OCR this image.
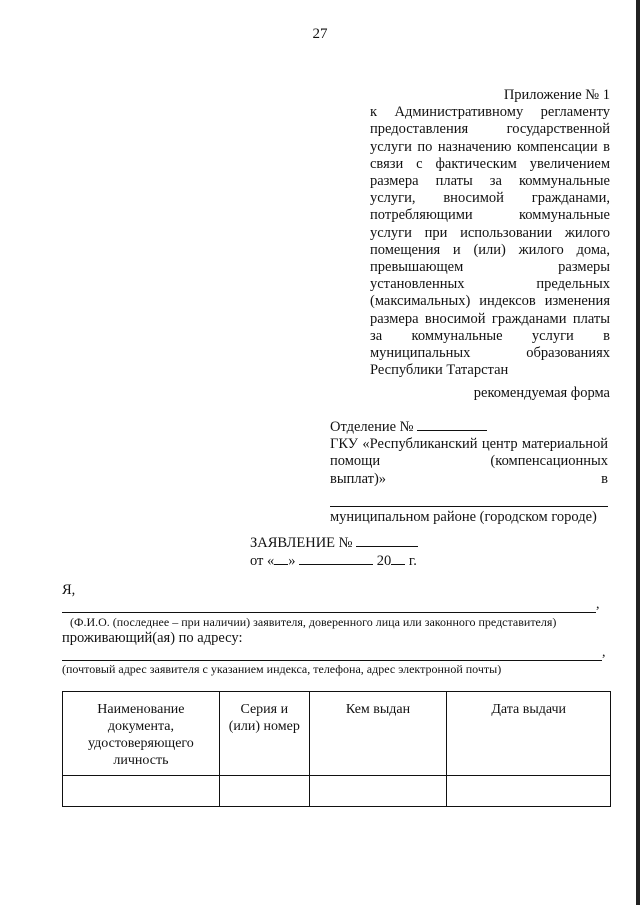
27

Приложение № 1

к Административному регламенту предоставления государственной услуги по назначению компенсации в связи с фактическим увеличением размера платы за коммунальные услуги, вносимой гражданами, потребляющими коммунальные услуги при использовании жилого помещения и (или) жилого дома, превышающем размеры установленных предельных (максимальных) индексов изменения размера вносимой гражданами платы за коммунальные услуги в муниципальных образованиях Республики Татарстан

рекомендуемая форма
Отделение №

ГКУ «Республиканский центр материальной помощи (компенсационных

выплат)»	в

муниципальном районе (городском городе)

ЗАЯВЛЕНИЕ №
от « »	20 г.
Я,
,
(Ф.И.О. (последнее – при наличии) заявителя, доверенного лица или законного представителя)
проживающий(ая) по адресу:
,
(почтовый адрес заявителя с указанием индекса, телефона, адрес электронной почты)
Наименование документа, удостоверяющего личность	Серия и (или) номер	Кем выдан	Дата выдачи
